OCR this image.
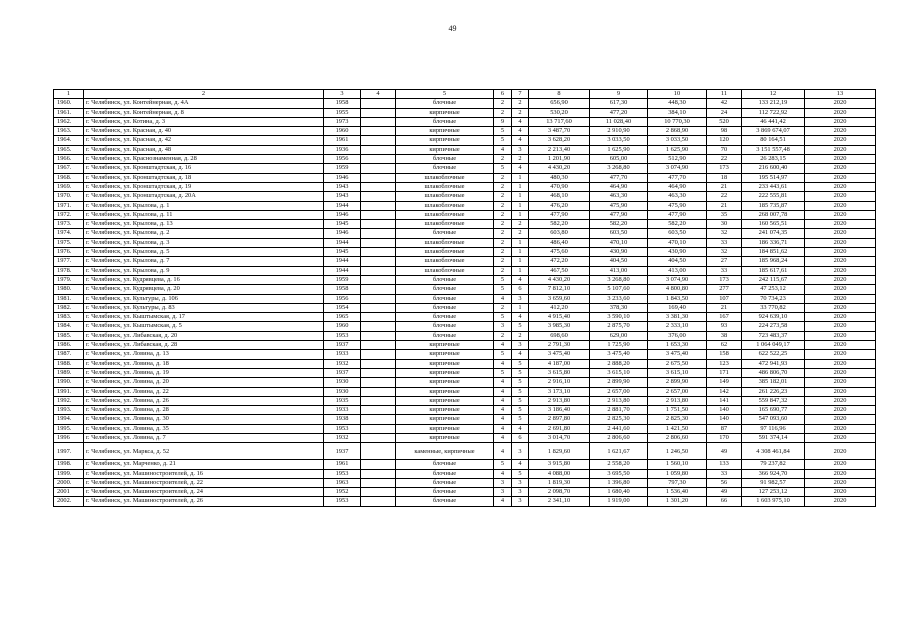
49
1	2	3	4	5	6	7	8	9	10	11	12	13
1960.	г. Челябинск, ул. Контейнерная, д. 4А	1958		блочные	2	2	656,90	617,30	448,30	42	133 212,19	2020
1961.	г. Челябинск, ул. Контейнерная, д. 8	1955		кирпичные	2	2	530,20	477,20	384,10	24	112 722,92	2020
1962.	г. Челябинск, ул. Котина, д. 3	1973		блочные	9	4	13 717,60	11 028,40	10 770,30	520	46 441,42	2020
1963.	г. Челябинск, ул. Красная, д. 40	1960		кирпичные	5	4	3 487,70	2 910,90	2 868,90	98	3 869 674,07	2020
1964.	г. Челябинск, ул. Красная, д. 42	1961		кирпичные	5	4	3 628,20	3 033,50	3 033,50	120	80 164,51	2020
1965.	г. Челябинск, ул. Красная, д. 48	1936		кирпичные	4	3	2 213,40	1 625,90	1 625,90	70	3 151 557,48	2020
1966.	г. Челябинск, ул. Краснознаменная, д. 28	1956		блочные	2	2	1 201,90	605,00	512,90	22	26 283,15	2020
1967.	г. Челябинск, ул. Кронштадтская, д. 16	1959		блочные	5	4	4 430,20	3 268,80	3 074,90	173	216 600,40	2020
1968.	г. Челябинск, ул. Кронштадтская, д. 18	1946		шлакоблочные	2	1	480,30	477,70	477,70	18	195 514,97	2020
1969.	г. Челябинск, ул. Кронштадтская, д. 19	1943		шлакоблочные	2	1	470,90	464,90	464,90	21	233 443,61	2020
1970.	г. Челябинск, ул. Кронштадтская, д. 20А	1943		шлакоблочные	2	1	468,10	463,30	463,30	22	222 555,81	2020
1971.	г. Челябинск, ул. Крылова, д. 1	1944		шлакоблочные	2	1	476,20	475,90	475,90	21	185 735,87	2020
1972.	г. Челябинск, ул. Крылова, д. 11	1946		шлакоблочные	2	1	477,90	477,90	477,90	35	268 007,78	2020
1973.	г. Челябинск, ул. Крылова, д. 13	1945		шлакоблочные	2	2	582,20	582,20	582,20	30	160 565,51	2020
1974.	г. Челябинск, ул. Крылова, д. 2	1946		блочные	2	2	603,80	603,50	603,50	32	241 074,35	2020
1975.	г. Челябинск, ул. Крылова, д. 3	1944		шлакоблочные	2	1	486,40	470,10	470,10	33	186 336,71	2020
1976.	г. Челябинск, ул. Крылова, д. 5	1945		шлакоблочные	2	1	475,60	430,90	430,90	32	184 851,62	2020
1977.	г. Челябинск, ул. Крылова, д. 7	1944		шлакоблочные	2	1	472,20	404,50	404,50	27	185 968,24	2020
1978.	г. Челябинск, ул. Крылова, д. 9	1944		шлакоблочные	2	1	467,50	413,00	413,00	33	185 617,61	2020
1979.	г. Челябинск, ул. Кудрявцева, д. 16	1959		блочные	5	4	4 430,20	3 268,80	3 074,90	173	242 115,67	2020
1980.	г. Челябинск, ул. Кудрявцева, д. 20	1958		блочные	5	6	7 812,10	5 107,60	4 800,80	277	47 253,12	2020
1981.	г. Челябинск, ул. Культуры, д. 106	1956		блочные	4	3	3 659,60	3 233,60	1 843,50	107	70 734,23	2020
1982.	г. Челябинск, ул. Культуры, д. 83	1954		блочные	2	1	412,20	378,30	169,40	21	33 770,82	2020
1983.	г. Челябинск, ул. Кыштымская, д. 17	1965		блочные	5	4	4 915,40	3 590,10	3 381,30	167	924 639,10	2020
1984.	г. Челябинск, ул. Кыштымская, д. 5	1960		блочные	3	5	3 985,30	2 875,70	2 333,10	93	224 273,58	2020
1985.	г. Челябинск, ул. Либавская, д. 20	1953		блочные	2	2	698,60	629,00	376,00	38	723 483,37	2020
1986.	г. Челябинск, ул. Либавская, д. 28	1937		кирпичные	4	3	2 791,30	1 725,90	1 653,30	62	1 064 049,17	2020
1987.	г. Челябинск, ул. Ловина, д. 13	1933		кирпичные	5	4	3 475,40	3 475,40	3 475,40	158	622 522,25	2020
1988.	г. Челябинск, ул. Ловина, д. 18	1932		кирпичные	4	5	4 187,00	2 888,20	2 675,50	123	472 941,93	2020
1989.	г. Челябинск, ул. Ловина, д. 19	1937		кирпичные	5	5	3 615,80	3 615,10	3 615,10	171	486 806,70	2020
1990.	г. Челябинск, ул. Ловина, д. 20	1930		кирпичные	4	5	2 916,10	2 899,90	2 899,90	149	385 182,01	2020
1991.	г. Челябинск, ул. Ловина, д. 22	1930		кирпичные	4	5	3 173,10	2 657,00	2 657,00	142	261 226,23	2020
1992.	г. Челябинск, ул. Ловина, д. 26	1935		кирпичные	4	5	2 913,80	2 913,80	2 913,80	141	559 847,32	2020
1993.	г. Челябинск, ул. Ловина, д. 28	1933		кирпичные	4	5	3 186,40	2 881,70	1 751,50	140	165 690,77	2020
1994.	г. Челябинск, ул. Ловина, д. 30	1938		кирпичные	4	5	2 897,80	2 825,30	2 825,30	140	547 093,60	2020
1995.	г. Челябинск, ул. Ловина, д. 35	1953		кирпичные	4	4	2 691,80	2 441,60	1 421,50	87	97 116,96	2020
1996	г. Челябинск, ул. Ловина, д. 7	1932		кирпичные	4	6	3 014,70	2 806,60	2 806,60	170	591 374,14	2020
1997.	г. Челябинск, ул. Маркса, д. 52	1937		каменные, кирпичные	4	3	1 829,60	1 621,67	1 246,50	49	4 308 461,84	2020
1998.	г. Челябинск, ул. Марченко, д. 21	1961		блочные	5	4	3 915,80	2 558,20	1 560,10	133	79 237,82	2020
1999.	г. Челябинск, ул. Машиностроителей, д. 16	1953		блочные	4	5	4 088,00	3 695,50	1 059,80	33	366 924,70	2020
2000.	г. Челябинск, ул. Машиностроителей, д. 22	1963		блочные	3	3	1 819,30	1 396,80	797,30	56	91 982,57	2020
2001	г. Челябинск, ул. Машиностроителей, д. 24	1952		блочные	3	3	2 098,70	1 680,40	1 536,40	49	127 253,12	2020
2002.	г. Челябинск, ул. Машиностроителей, д. 26	1953		блочные	4	3	2 341,10	1 919,00	1 301,20	66	1 603 975,10	2020
